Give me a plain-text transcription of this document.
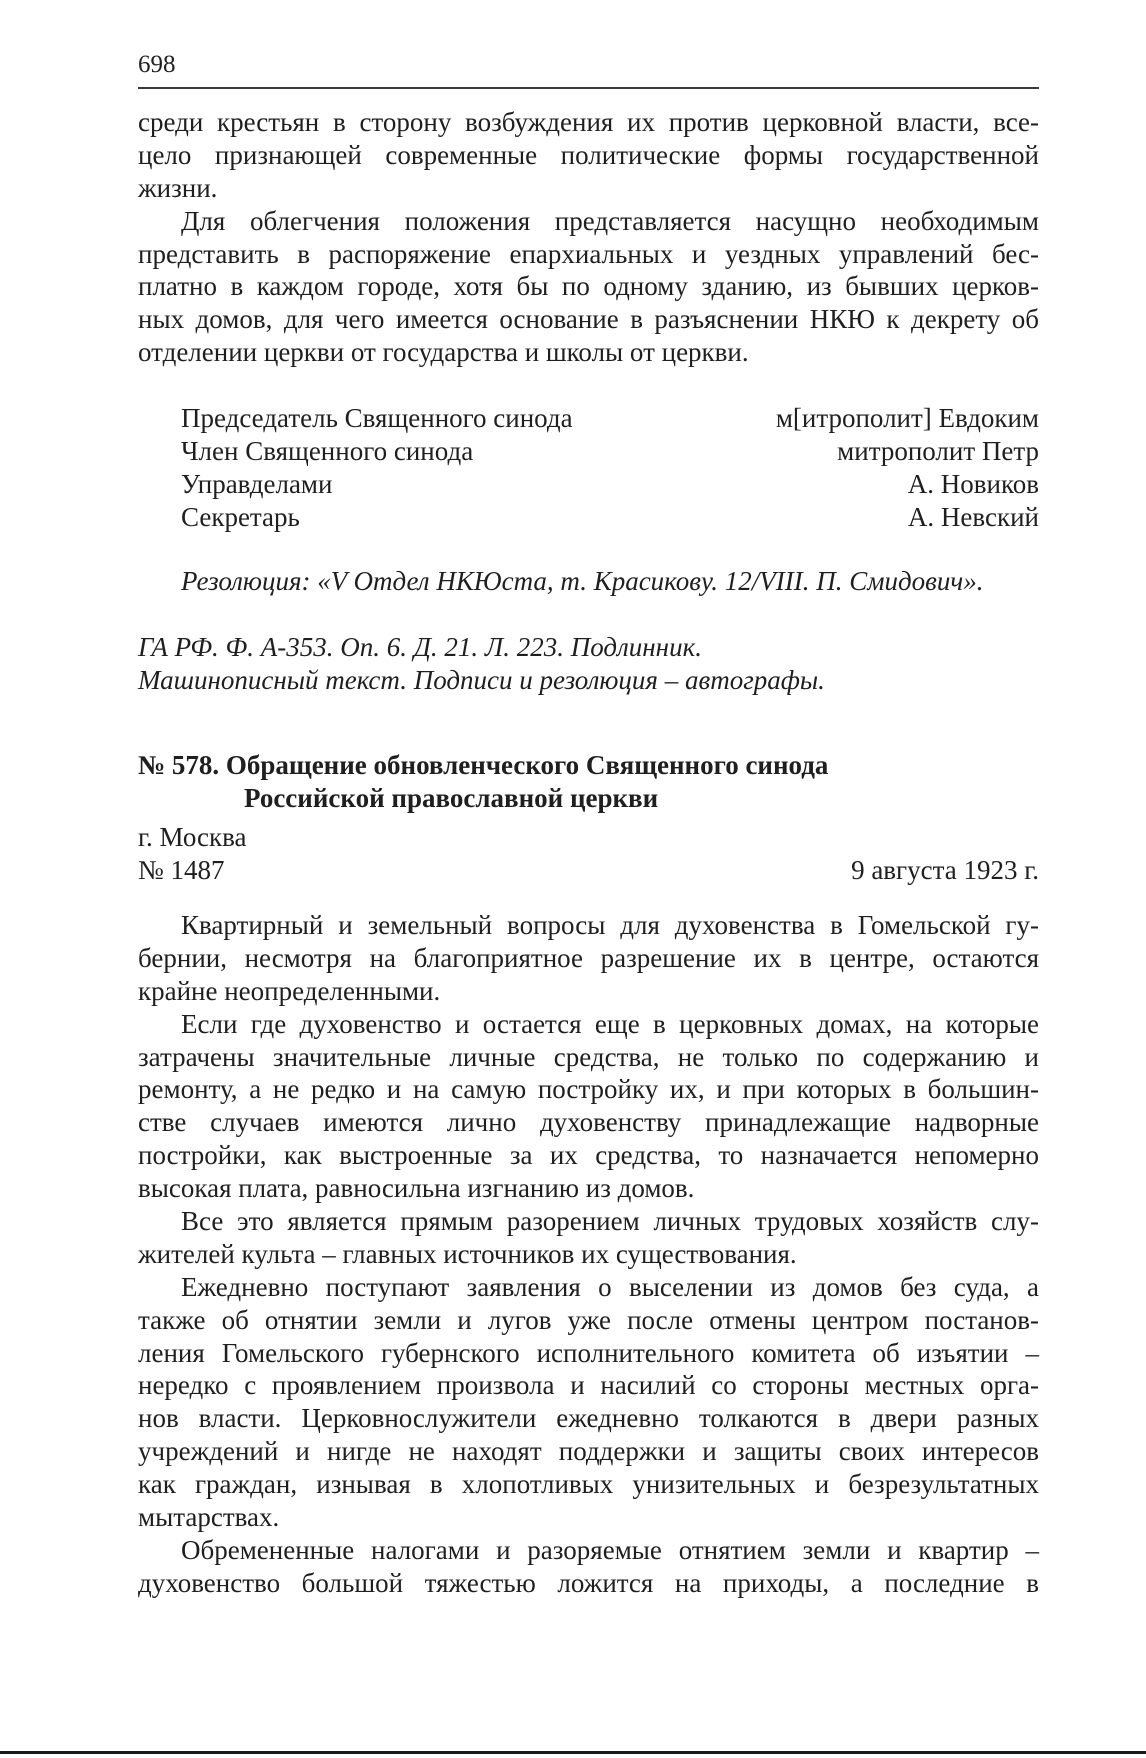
698
среди крестьян в сторону возбуждения их против церковной власти, все-
цело признающей современные политические формы государственной
жизни.
Для облегчения положения представляется насущно необходимым
представить в распоряжение епархиальных и уездных управлений бес-
платно в каждом городе, хотя бы по одному зданию, из бывших церков-
ных домов, для чего имеется основание в разъяснении НКЮ к декрету об
отделении церкви от государства и школы от церкви.
Председатель Священного синода	м[итрополит] Евдоким
Член Священного синода	митрополит Петр
Управделами	А. Новиков
Секретарь	А. Невский
Резолюция: «V Отдел НКЮста, т. Красикову. 12/VIII. П. Смидович».
ГА РФ. Ф. А-353. Оп. 6. Д. 21. Л. 223. Подлинник.
Машинописный текст. Подписи и резолюция – автографы.
№ 578. Обращение обновленческого Священного синода
Российской православной церкви
г. Москва
№ 1487	9 августа 1923 г.
Квартирный и земельный вопросы для духовенства в Гомельской гу-
бернии, несмотря на благоприятное разрешение их в центре, остаются
крайне неопределенными.
Если где духовенство и остается еще в церковных домах, на которые
затрачены значительные личные средства, не только по содержанию и
ремонту, а не редко и на самую постройку их, и при которых в большин-
стве случаев имеются лично духовенству принадлежащие надворные
постройки, как выстроенные за их средства, то назначается непомерно
высокая плата, равносильна изгнанию из домов.
Все это является прямым разорением личных трудовых хозяйств слу-
жителей культа – главных источников их существования.
Ежедневно поступают заявления о выселении из домов без суда, а
также об отнятии земли и лугов уже после отмены центром постанов-
ления Гомельского губернского исполнительного комитета об изъятии –
нередко с проявлением произвола и насилий со стороны местных орга-
нов власти. Церковнослужители ежедневно толкаются в двери разных
учреждений и нигде не находят поддержки и защиты своих интересов
как граждан, изнывая в хлопотливых унизительных и безрезультатных
мытарствах.
Обремененные налогами и разоряемые отнятием земли и квартир –
духовенство большой тяжестью ложится на приходы, а последние в
